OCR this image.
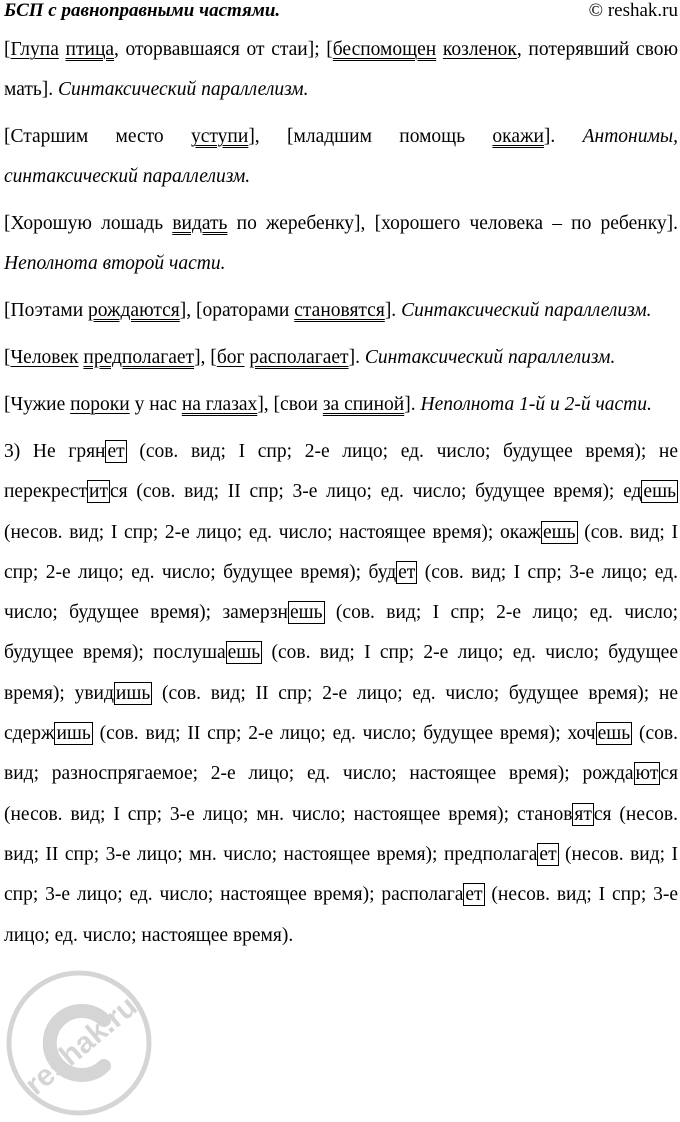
БСП с равноправными частями.	© reshak.ru

[Глупа птица, оторвавшаяся от стаи]; [беспомощен козленок, потерявший свою мать]. Синтаксический параллелизм.

[Старшим место уступи], [младшим помощь окажи]. Антонимы, синтаксический параллелизм.

[Хорошую лошадь видать по жеребенку], [хорошего человека – по ребенку]. Неполнота второй части.

[Поэтами рождаются], [ораторами становятся]. Синтаксический параллелизм.

[Человек предполагает], [бог располагает]. Синтаксический параллелизм.

[Чужие пороки у нас на глазах], [свои за спиной]. Неполнота 1-й и 2-й части.

3) Не грян ет (сов. вид; I спр; 2-е лицо; ед. число; будущее время); не перекрест ит ся (сов. вид; II спр; 3-е лицо; ед. число; будущее время); ед ешь (несов. вид; I спр; 2-е лицо; ед. число; настоящее время); окаж ешь (сов. вид; I спр; 2-е лицо; ед. число; будущее время); буд ет (сов. вид; I спр; 3-е лицо; ед. число; будущее время); замерзн ешь (сов. вид; I спр; 2-е лицо; ед. число; будущее время); послуша ешь (сов. вид; I спр; 2-е лицо; ед. число; будущее время); увид ишь (сов. вид; II спр; 2-е лицо; ед. число; будущее время); не сдерж ишь (сов. вид; II спр; 2-е лицо; ед. число; будущее время); хоч ешь (сов. вид; разноспрягаемое; 2-е лицо; ед. число; настоящее время); рожда ют ся (несов. вид; I спр; 3-е лицо; мн. число; настоящее время); станов ят ся (несов. вид; II спр; 3-е лицо; мн. число; настоящее время); предполага ет (несов. вид; I спр; 3-е лицо; ед. число; настоящее время); располага ет (несов. вид; I спр; 3-е лицо; ед. число; настоящее время).

reshak.ru
